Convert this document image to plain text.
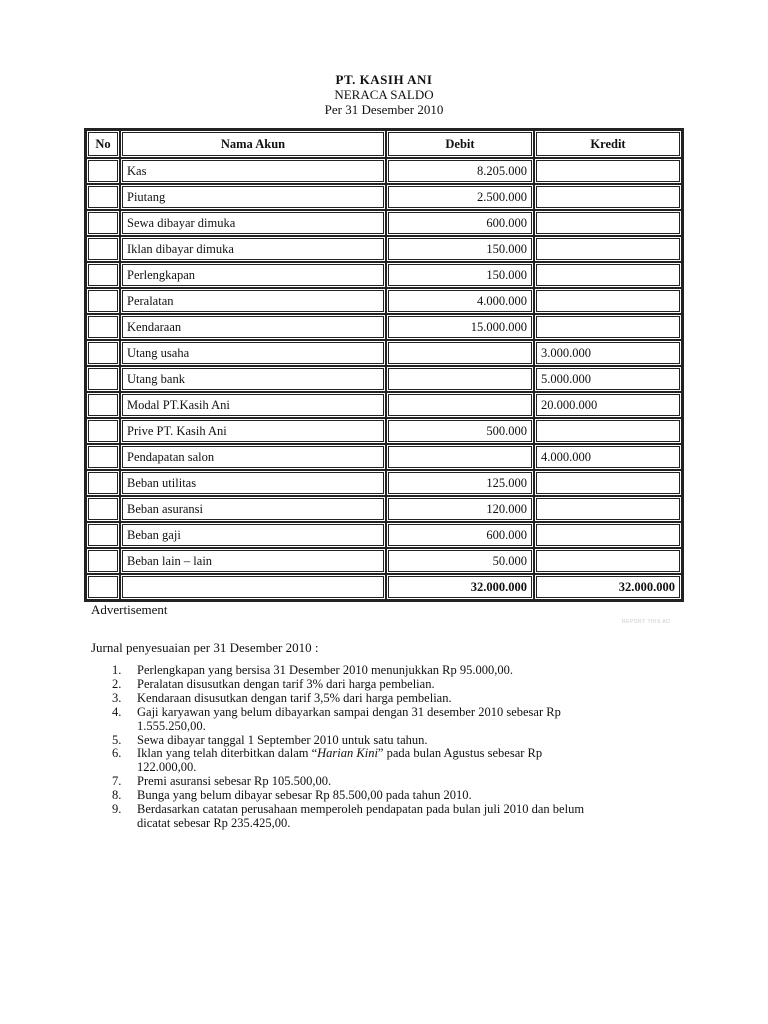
PT. KASIH ANI
NERACA SALDO
Per 31 Desember 2010
No	Nama Akun	Debit	Kredit
	Kas	8.205.000	
	Piutang	2.500.000	
	Sewa dibayar dimuka	600.000	
	Iklan dibayar dimuka	150.000	
	Perlengkapan	150.000	
	Peralatan	4.000.000	
	Kendaraan	15.000.000	
	Utang usaha		3.000.000
	Utang bank		5.000.000
	Modal PT.Kasih Ani		20.000.000
	Prive PT. Kasih Ani	500.000	
	Pendapatan salon		4.000.000
	Beban utilitas	125.000	
	Beban asuransi	120.000	
	Beban gaji	600.000	
	Beban lain – lain	50.000	
		32.000.000	32.000.000
Advertisement
REPORT THIS AD
Jurnal penyesuaian per 31 Desember 2010 :
1. Perlengkapan yang bersisa 31 Desember 2010 menunjukkan Rp 95.000,00.
2. Peralatan disusutkan dengan tarif 3% dari harga pembelian.
3. Kendaraan disusutkan dengan tarif 3,5% dari harga pembelian.
4. Gaji karyawan yang belum dibayarkan sampai dengan 31 desember 2010 sebesar Rp
1.555.250,00.
5. Sewa dibayar tanggal 1 September 2010 untuk satu tahun.
6. Iklan yang telah diterbitkan dalam “Harian Kini” pada bulan Agustus sebesar Rp
122.000,00.
7. Premi asuransi sebesar Rp 105.500,00.
8. Bunga yang belum dibayar sebesar Rp 85.500,00 pada tahun 2010.
9. Berdasarkan catatan perusahaan memperoleh pendapatan pada bulan juli 2010 dan belum
dicatat sebesar Rp 235.425,00.
